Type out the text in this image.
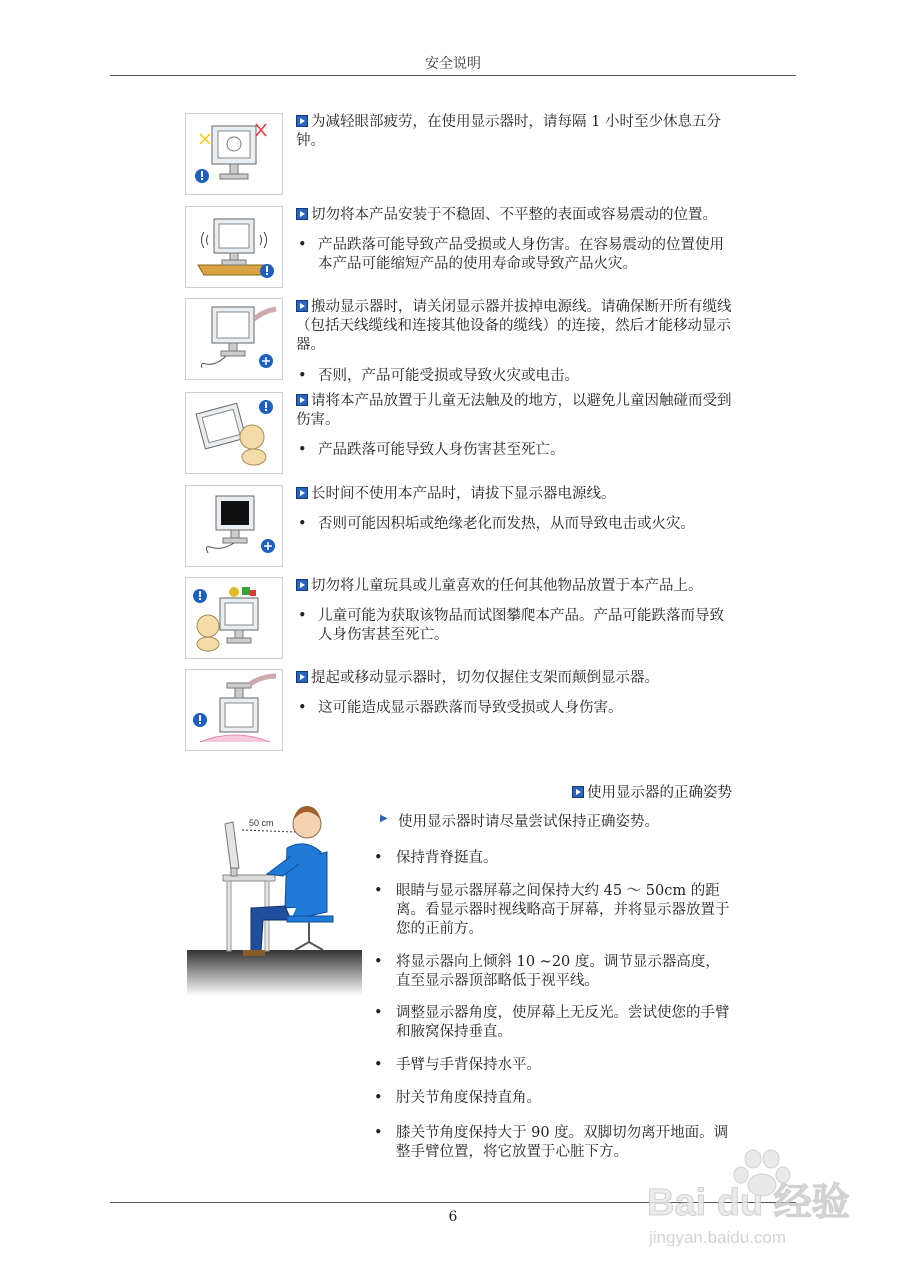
安全说明

为减轻眼部疲劳，在使用显示器时，请每隔 1 小时至少休息五分钟。

切勿将本产品安装于不稳固、不平整的表面或容易震动的位置。

• 产品跌落可能导致产品受损或人身伤害。在容易震动的位置使用本产品可能缩短产品的使用寿命或导致产品火灾。

搬动显示器时，请关闭显示器并拔掉电源线。请确保断开所有缆线（包括天线缆线和连接其他设备的缆线）的连接，然后才能移动显示器。

• 否则，产品可能受损或导致火灾或电击。

请将本产品放置于儿童无法触及的地方，以避免儿童因触碰而受到伤害。

• 产品跌落可能导致人身伤害甚至死亡。

长时间不使用本产品时，请拔下显示器电源线。

• 否则可能因积垢或绝缘老化而发热，从而导致电击或火灾。

切勿将儿童玩具或儿童喜欢的任何其他物品放置于本产品上。

• 儿童可能为获取该物品而试图攀爬本产品。产品可能跌落而导致人身伤害甚至死亡。

提起或移动显示器时，切勿仅握住支架而颠倒显示器。

• 这可能造成显示器跌落而导致受损或人身伤害。

使用显示器的正确姿势
50 cm	▶ 使用显示器时请尽量尝试保持正确姿势。

• 保持背脊挺直。

• 眼睛与显示器屏幕之间保持大约 45 ～ 50cm 的距离。看显示器时视线略高于屏幕，并将显示器放置于您的正前方。

• 将显示器向上倾斜 10 ~20 度。调节显示器高度，直至显示器顶部略低于视平线。

• 调整显示器角度，使屏幕上无反光。尝试使您的手臂和腋窝保持垂直。

• 手臂与手背保持水平。

• 肘关节角度保持直角。

• 膝关节角度保持大于 90 度。双脚切勿离开地面。调整手臂位置，将它放置于心脏下方。

6	Bai du 经验
jingyan.baidu.com
